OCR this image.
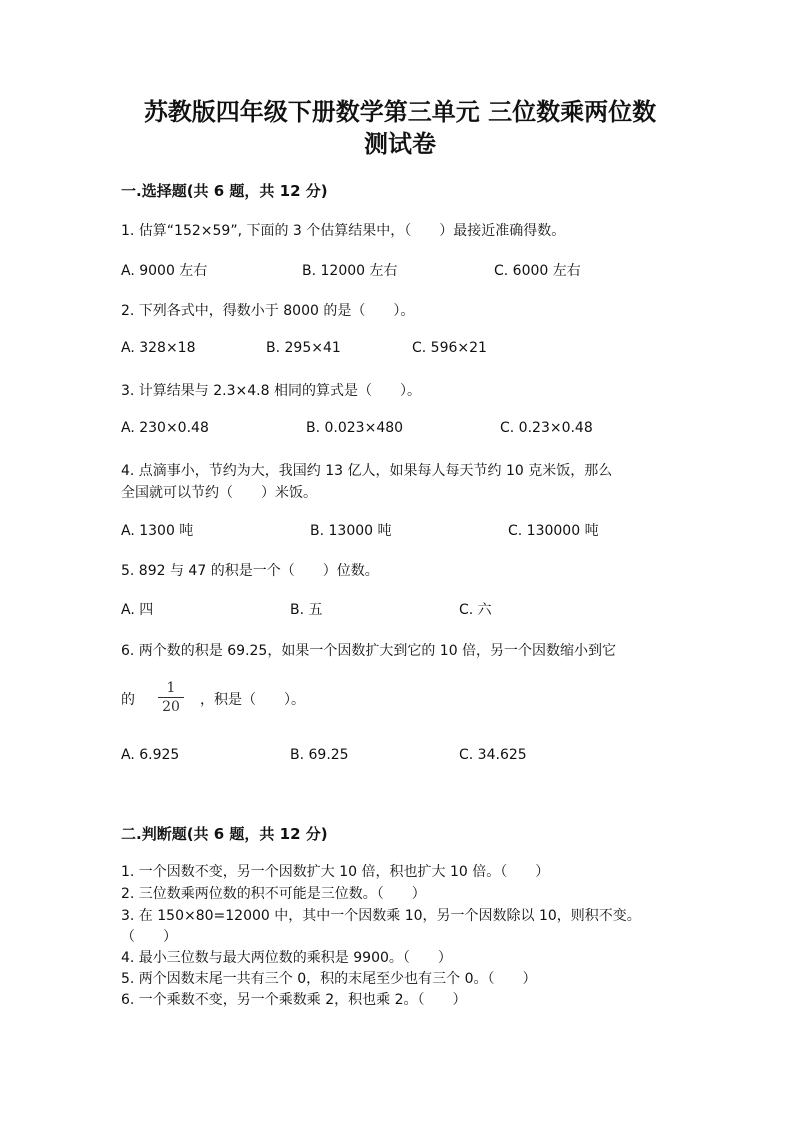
苏教版四年级下册数学第三单元 三位数乘两位数
测试卷
一.选择题(共 6 题，共 12 分)
1. 估算“152×59”, 下面的 3 个估算结果中，（　　）最接近准确得数。
A. 9000 左右	B. 12000 左右	C. 6000 左右
2. 下列各式中，得数小于 8000 的是（　　）。
A. 328×18	B. 295×41	C. 596×21
3. 计算结果与 2.3×4.8 相同的算式是（　　）。
A. 230×0.48	B. 0.023×480	C. 0.23×0.48
4. 点滴事小，节约为大，我国约 13 亿人，如果每人每天节约 10 克米饭，那么
全国就可以节约（　　）米饭。
A. 1300 吨	B. 13000 吨	C. 130000 吨
5. 892 与 47 的积是一个（　　）位数。
A. 四	B. 五	C. 六
6. 两个数的积是 69.25，如果一个因数扩大到它的 10 倍，另一个因数缩小到它
的
1
20 ，积是（　　）。
A. 6.925	B. 69.25	C. 34.625
二.判断题(共 6 题，共 12 分)
1. 一个因数不变，另一个因数扩大 10 倍，积也扩大 10 倍。（　　）
2. 三位数乘两位数的积不可能是三位数。（　　）
3. 在 150×80=12000 中，其中一个因数乘 10，另一个因数除以 10，则积不变。
（　　）
4. 最小三位数与最大两位数的乘积是 9900。（　　）
5. 两个因数末尾一共有三个 0，积的末尾至少也有三个 0。（　　）
6. 一个乘数不变，另一个乘数乘 2，积也乘 2。（　　）
